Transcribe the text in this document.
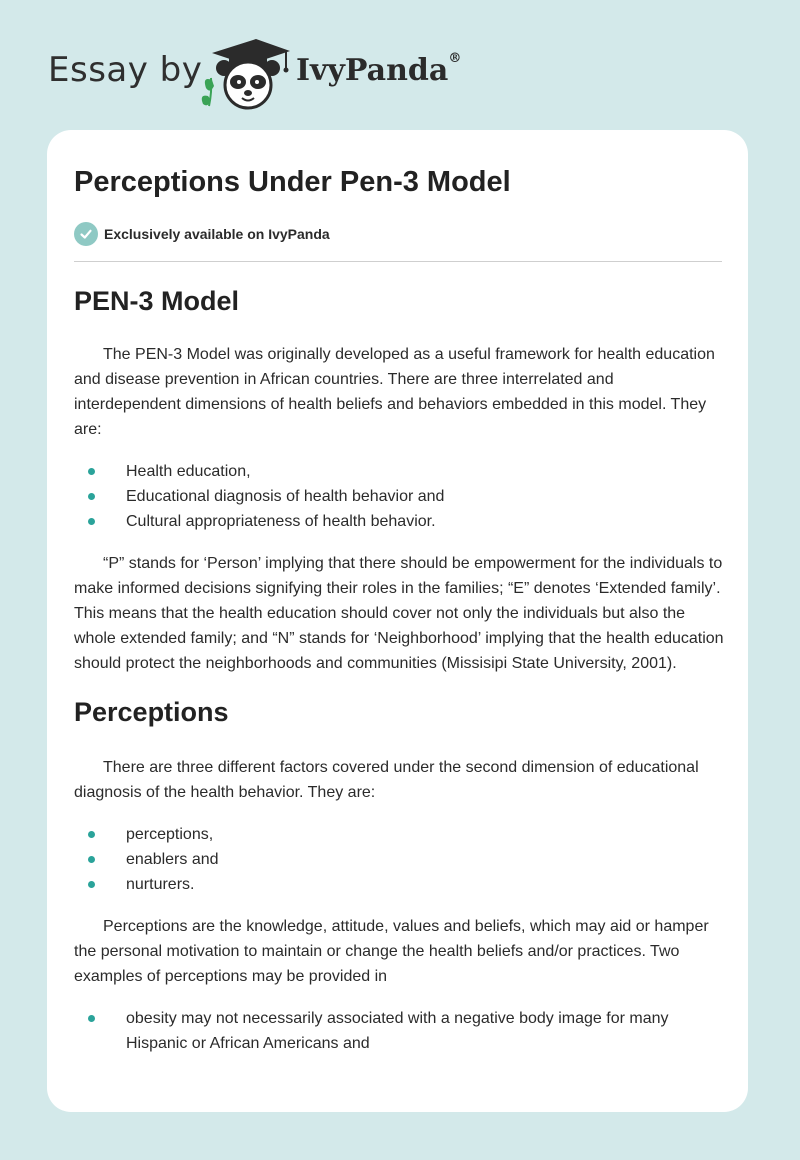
Essay by	IvyPanda®
Perceptions Under Pen-3 Model
Exclusively available on IvyPanda
PEN-3 Model

The PEN-3 Model was originally developed as a useful framework for health education and disease prevention in African countries. There are three interrelated and interdependent dimensions of health beliefs and behaviors embedded in this model. They are:

Health education,
Educational diagnosis of health behavior and
Cultural appropriateness of health behavior.

“P” stands for ‘Person’ implying that there should be empowerment for the individuals to make informed decisions signifying their roles in the families; “E” denotes ‘Extended family’. This means that the health education should cover not only the individuals but also the whole extended family; and “N” stands for ‘Neighborhood’ implying that the health education should protect the neighborhoods and communities (Missisipi State University, 2001).

Perceptions

There are three different factors covered under the second dimension of educational diagnosis of the health behavior. They are:

perceptions,
enablers and
nurturers.

Perceptions are the knowledge, attitude, values and beliefs, which may aid or hamper the personal motivation to maintain or change the health beliefs and/or practices. Two examples of perceptions may be provided in

obesity may not necessarily associated with a negative body image for many Hispanic or African Americans and
